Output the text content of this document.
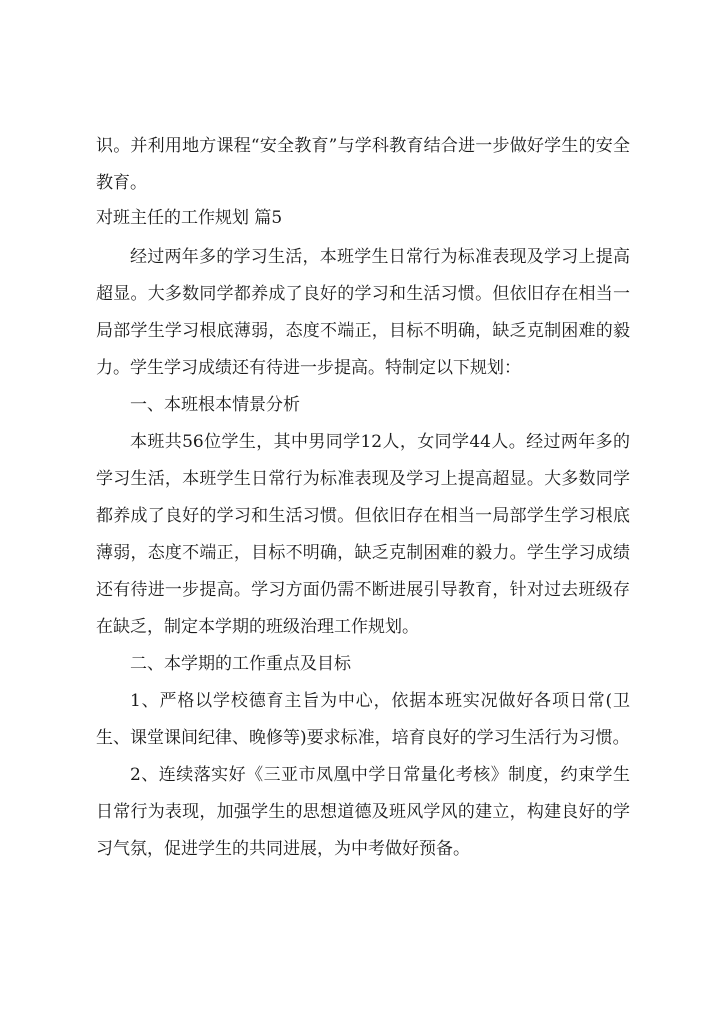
识。并利用地方课程“安全教育”与学科教育结合进一步做好学生的安全教育。

对班主任的工作规划 篇5

经过两年多的学习生活，本班学生日常行为标准表现及学习上提高超显。大多数同学都养成了良好的学习和生活习惯。但依旧存在相当一局部学生学习根底薄弱，态度不端正，目标不明确，缺乏克制困难的毅力。学生学习成绩还有待进一步提高。特制定以下规划：

一、本班根本情景分析

本班共56位学生，其中男同学12人，女同学44人。经过两年多的学习生活，本班学生日常行为标准表现及学习上提高超显。大多数同学都养成了良好的学习和生活习惯。但依旧存在相当一局部学生学习根底薄弱，态度不端正，目标不明确，缺乏克制困难的毅力。学生学习成绩还有待进一步提高。学习方面仍需不断进展引导教育，针对过去班级存在缺乏，制定本学期的班级治理工作规划。

二、本学期的工作重点及目标

1、严格以学校德育主旨为中心，依据本班实况做好各项日常(卫生、课堂课间纪律、晚修等)要求标准，培育良好的学习生活行为习惯。

2、连续落实好《三亚市凤凰中学日常量化考核》制度，约束学生日常行为表现，加强学生的思想道德及班风学风的建立，构建良好的学习气氛，促进学生的共同进展，为中考做好预备。
